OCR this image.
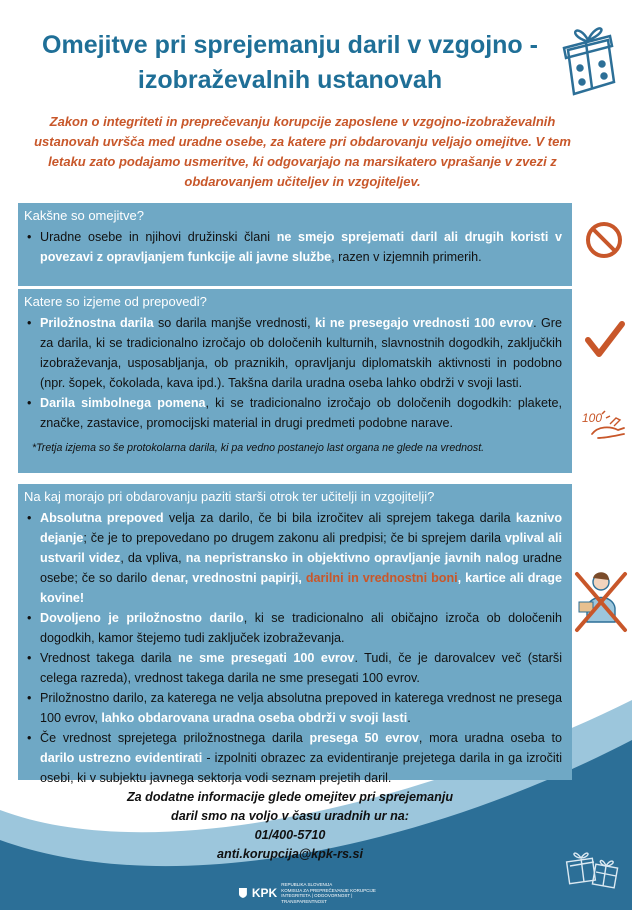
Omejitve pri sprejemanju daril v vzgojno -
izobraževalnih ustanovah

Zakon o integriteti in preprečevanju korupcije zaposlene v vzgojno-izobraževalnih ustanovah uvršča med uradne osebe, za katere pri obdarovanju veljajo omejitve. V tem letaku zato podajamo usmeritve, ki odgovarjajo na marsikatero vprašanje v zvezi z obdarovanjem učiteljev in vzgojiteljev.

Kakšne so omejitve?
• Uradne osebe in njihovi družinski člani ne smejo sprejemati daril ali drugih koristi v povezavi z opravljanjem funkcije ali javne službe, razen v izjemnih primerih.
Katere so izjeme od prepovedi?
• Priložnostna darila so darila manjše vrednosti, ki ne presegajo vrednosti 100 evrov. Gre za darila, ki se tradicionalno izročajo ob določenih kulturnih, slavnostnih dogodkih, zaključkih izobraževanja, usposabljanja, ob praznikih, opravljanju diplomatskih aktivnosti in podobno (npr. šopek, čokolada, kava ipd.). Takšna darila uradna oseba lahko obdrži v svoji lasti.
• Darila simbolnega pomena, ki se tradicionalno izročajo ob določenih dogodkih: plakete, značke, zastavice, promocijski material in drugi predmeti podobne narave.
*Tretja izjema so še protokolarna darila, ki pa vedno postanejo last organa ne glede na vrednost.
Na kaj morajo pri obdarovanju paziti starši otrok ter učitelji in vzgojitelji?
• Absolutna prepoved velja za darilo, če bi bila izročitev ali sprejem takega darila kaznivo dejanje; če je to prepovedano po drugem zakonu ali predpisi; če bi sprejem darila vplival ali ustvaril videz, da vpliva, na nepristransko in objektivno opravljanje javnih nalog uradne osebe; če so darilo denar, vrednostni papirji, darilni in vrednostni boni, kartice ali drage kovine!
• Dovoljeno je priložnostno darilo, ki se tradicionalno ali običajno izroča ob določenih dogodkih, kamor štejemo tudi zaključek izobraževanja.
• Vrednost takega darila ne sme presegati 100 evrov. Tudi, če je darovalcev več (starši celega razreda), vrednost takega darila ne sme presegati 100 evrov.
• Priložnostno darilo, za katerega ne velja absolutna prepoved in katerega vrednost ne presega 100 evrov, lahko obdarovana uradna oseba obdrži v svoji lasti.
• Če vrednost sprejetega priložnostnega darila presega 50 evrov, mora uradna oseba to darilo ustrezno evidentirati - izpolniti obrazec za evidentiranje prejetega darila in ga izročiti osebi, ki v subjektu javnega sektorja vodi seznam prejetih daril.
100
Za dodatne informacije glede omejitev pri sprejemanju
daril smo na voljo v času uradnih ur na:
01/400-5710
anti.korupcija@kpk-rs.si
KPK
REPUBLIKA SLOVENIJA
KOMISIJA ZA PREPREČEVANJE KORUPCIJE
INTEGRITETA | ODGOVORNOST | TRANSPARENTNOST
